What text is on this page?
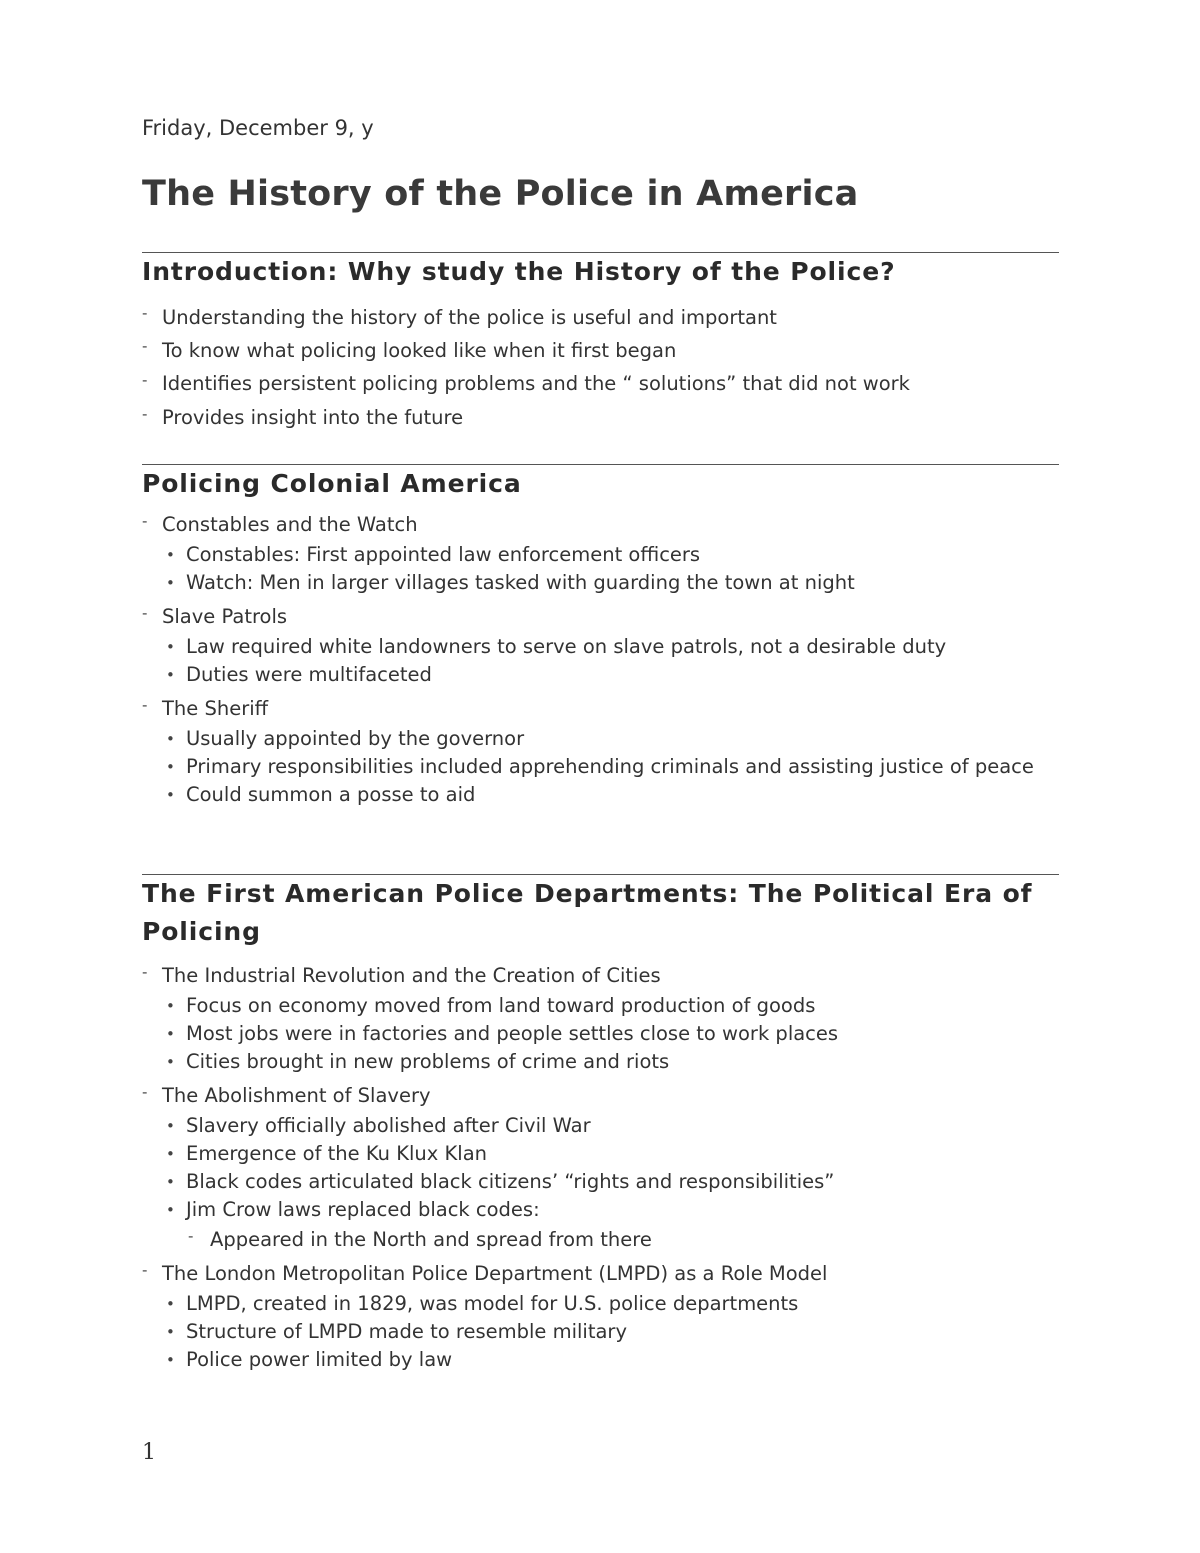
Friday, December 9, y
The History of the Police in America
Introduction: Why study the History of the Police?
- Understanding the history of the police is useful and important
- To know what policing looked like when it first began
- Identifies persistent policing problems and the “ solutions” that did not work
- Provides insight into the future
Policing Colonial America
- Constables and the Watch
• Constables: First appointed law enforcement officers
• Watch: Men in larger villages tasked with guarding the town at night
- Slave Patrols
• Law required white landowners to serve on slave patrols, not a desirable duty
• Duties were multifaceted
- The Sheriff
• Usually appointed by the governor
• Primary responsibilities included apprehending criminals and assisting justice of peace
• Could summon a posse to aid
The First American Police Departments: The Political Era of Policing
- The Industrial Revolution and the Creation of Cities
• Focus on economy moved from land toward production of goods
• Most jobs were in factories and people settles close to work places
• Cities brought in new problems of crime and riots
- The Abolishment of Slavery
• Slavery officially abolished after Civil War
• Emergence of the Ku Klux Klan
• Black codes articulated black citizens’ “rights and responsibilities”
• Jim Crow laws replaced black codes:
- Appeared in the North and spread from there
- The London Metropolitan Police Department (LMPD) as a Role Model
• LMPD, created in 1829, was model for U.S. police departments
• Structure of LMPD made to resemble military
• Police power limited by law
1
